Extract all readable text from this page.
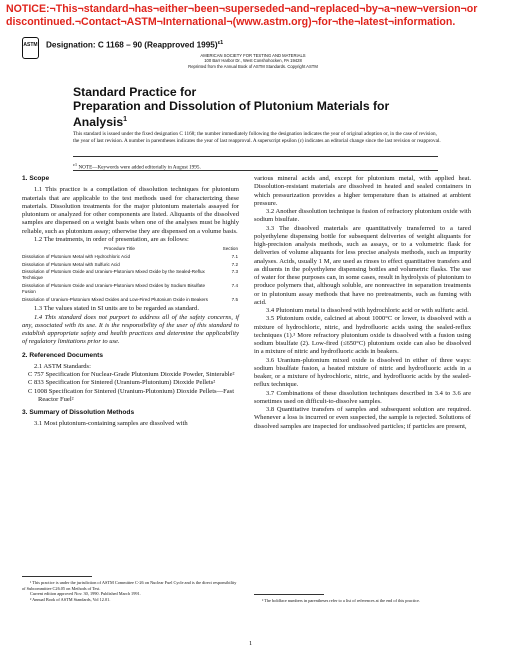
NOTICE:¬This¬standard¬has¬either¬been¬superseded¬and¬replaced¬by¬a¬new¬version¬or
discontinued.¬Contact¬ASTM¬International¬(www.astm.org)¬for¬the¬latest¬information.
ASTM Designation: C 1168 – 90 (Reapproved 1995)$^{\varepsilon 1}$
AMERICAN SOCIETY FOR TESTING AND MATERIALS
100 Barr Harbor Dr., West Conshohocken, PA 19428
Reprinted from the Annual Book of ASTM Standards. Copyright ASTM
Standard Practice for
Preparation and Dissolution of Plutonium Materials for
Analysis$^1$
This standard is issued under the fixed designation C 1168; the number immediately following the designation indicates the year of original adoption or, in the case of revision, the year of last revision. A number in parentheses indicates the year of last reapproval. A superscript epsilon (ε) indicates an editorial change since the last revision or reapproval.
ε1 NOTE—Keywords were added editorially in August 1995.
1. Scope

1.1 This practice is a compilation of dissolution techniques for plutonium materials that are applicable to the test methods used for characterizing these materials. Dissolution treatments for the major plutonium materials assayed for plutonium or analyzed for other components are listed. Aliquants of the dissolved samples are dispensed on a weight basis when one of the analyses must be highly reliable, such as plutonium assay; otherwise they are dispensed on a volume basis.

1.2 The treatments, in order of presentation, are as follows:

Procedure Title	Section
Dissolution of Plutonium Metal with Hydrochloric Acid	7.1
Dissolution of Plutonium Metal with Sulfuric Acid	7.2
Dissolution of Plutonium Oxide and Uranium-Plutonium Mixed Oxide by the Sealed-Reflux Technique	7.3
Dissolution of Plutonium Oxide and Uranium-Plutonium Mixed Oxides by Sodium Bisulfate Fusion	7.4
Dissolution of Uranium-Plutonium Mixed Oxides and Low-Fired Plutonium Oxide in Beakers	7.5

1.3 The values stated in SI units are to be regarded as standard.

1.4 This standard does not purport to address all of the safety concerns, if any, associated with its use. It is the responsibility of the user of this standard to establish appropriate safety and health practices and determine the applicability of regulatory limitations prior to use.

2. Referenced Documents

2.1 ASTM Standards:

C 757 Specification for Nuclear-Grade Plutonium Dioxide Powder, Sinterable²

C 833 Specification for Sintered (Uranium-Plutonium) Dioxide Pellets²

C 1008 Specification for Sintered (Uranium-Plutonium) Dioxide Pellets—Fast Reactor Fuel²

3. Summary of Dissolution Methods

3.1 Most plutonium-containing samples are dissolved with

various mineral acids and, except for plutonium metal, with applied heat. Dissolution-resistant materials are dissolved in heated and sealed containers in which pressurization provides a higher temperature than is attained at ambient pressure.

3.2 Another dissolution technique is fusion of refractory plutonium oxide with sodium bisulfate.

3.3 The dissolved materials are quantitatively transferred to a tared polyethylene dispensing bottle for subsequent deliveries of weight aliquants for high-precision analysis methods, such as assays, or to a volumetric flask for deliveries of volume aliquants for less precise analysis methods, such as impurity analyses. Acids, usually 1 M, are used as rinses to effect quantitative transfers and as diluents in the polyethylene dispensing bottles and volumetric flasks. The use of water for these purposes can, in some cases, result in hydrolysis of plutonium to produce polymers that, although soluble, are nonreactive in separation treatments or in plutonium assay methods that have no pretreatments, such as fuming with acid.

3.4 Plutonium metal is dissolved with hydrochloric acid or with sulfuric acid.

3.5 Plutonium oxide, calcined at about 1000°C or lower, is dissolved with a mixture of hydrochloric, nitric, and hydrofluoric acids using the sealed-reflux techniques (1).³ More refractory plutonium oxide is dissolved with a fusion using sodium bisulfate (2). Low-fired (≤650°C) plutonium oxide can also be dissolved in a mixture of nitric and hydrofluoric acids in beakers.

3.6 Uranium-plutonium mixed oxide is dissolved in either of three ways: sodium bisulfate fusion, a heated mixture of nitric and hydrofluoric acids in a beaker, or a mixture of hydrochloric, nitric, and hydrofluoric acids by the sealed-reflux technique.

3.7 Combinations of these dissolution techniques described in 3.4 to 3.6 are sometimes used on difficult-to-dissolve samples.

3.8 Quantitative transfers of samples and subsequent solution are required. Whenever a loss is incurred or even suspected, the sample is rejected. Solutions of dissolved samples are inspected for undissolved particles; if particles are present,

¹ This practice is under the jurisdiction of ASTM Committee C-26 on Nuclear Fuel Cycle and is the direct responsibility of Subcommittee C26.05 on Methods of Test.

Current edition approved Nov. 30, 1990. Published March 1991.

² Annual Book of ASTM Standards, Vol 12.01.	³ The boldface numbers in parentheses refer to a list of references at the end of this practice.

1
